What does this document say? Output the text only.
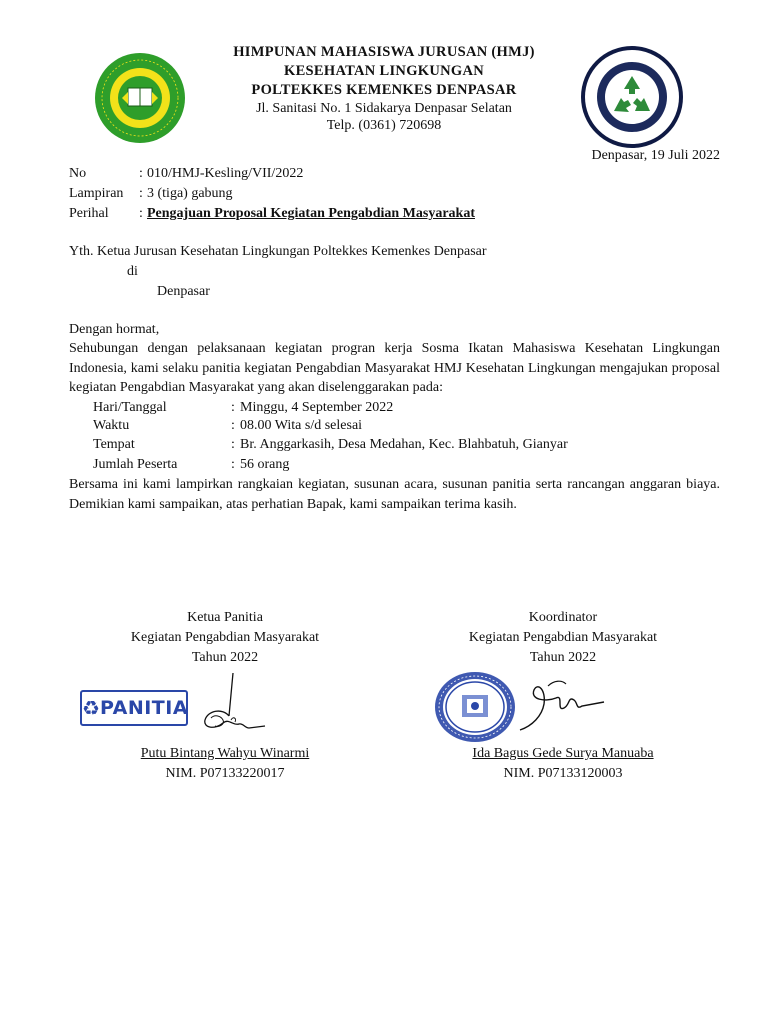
HIMPUNAN MAHASISWA JURUSAN (HMJ)
KESEHATAN LINGKUNGAN
POLTEKKES KEMENKES DENPASAR
Jl. Sanitasi No. 1 Sidakarya Denpasar Selatan
Telp. (0361) 720698
Denpasar, 19 Juli 2022
No	: 010/HMJ-Kesling/VII/2022
Lampiran : 3 (tiga) gabung
Perihal : Pengajuan Proposal Kegiatan Pengabdian Masyarakat
Yth. Ketua Jurusan Kesehatan Lingkungan Poltekkes Kemenkes Denpasar
di
Denpasar
Dengan hormat,
Sehubungan dengan pelaksanaan kegiatan progran kerja Sosma Ikatan Mahasiswa Kesehatan Lingkungan Indonesia, kami selaku panitia kegiatan Pengabdian Masyarakat HMJ Kesehatan Lingkungan mengajukan proposal kegiatan Pengabdian Masyarakat yang akan diselenggarakan pada:
Hari/Tanggal	: Minggu, 4 September 2022
Waktu	: 08.00 Wita s/d selesai
Tempat	: Br. Anggarkasih, Desa Medahan, Kec. Blahbatuh, Gianyar
Jumlah Peserta	: 56 orang
Bersama ini kami lampirkan rangkaian kegiatan, susunan acara, susunan panitia serta rancangan anggaran biaya. Demikian kami sampaikan, atas perhatian Bapak, kami sampaikan terima kasih.
Ketua Panitia
Kegiatan Pengabdian Masyarakat
Tahun 2022
♻ PANITIA
Putu Bintang Wahyu Winarmi
NIM. P07133220017
Koordinator
Kegiatan Pengabdian Masyarakat
Tahun 2022
Ida Bagus Gede Surya Manuaba
NIM. P07133120003
